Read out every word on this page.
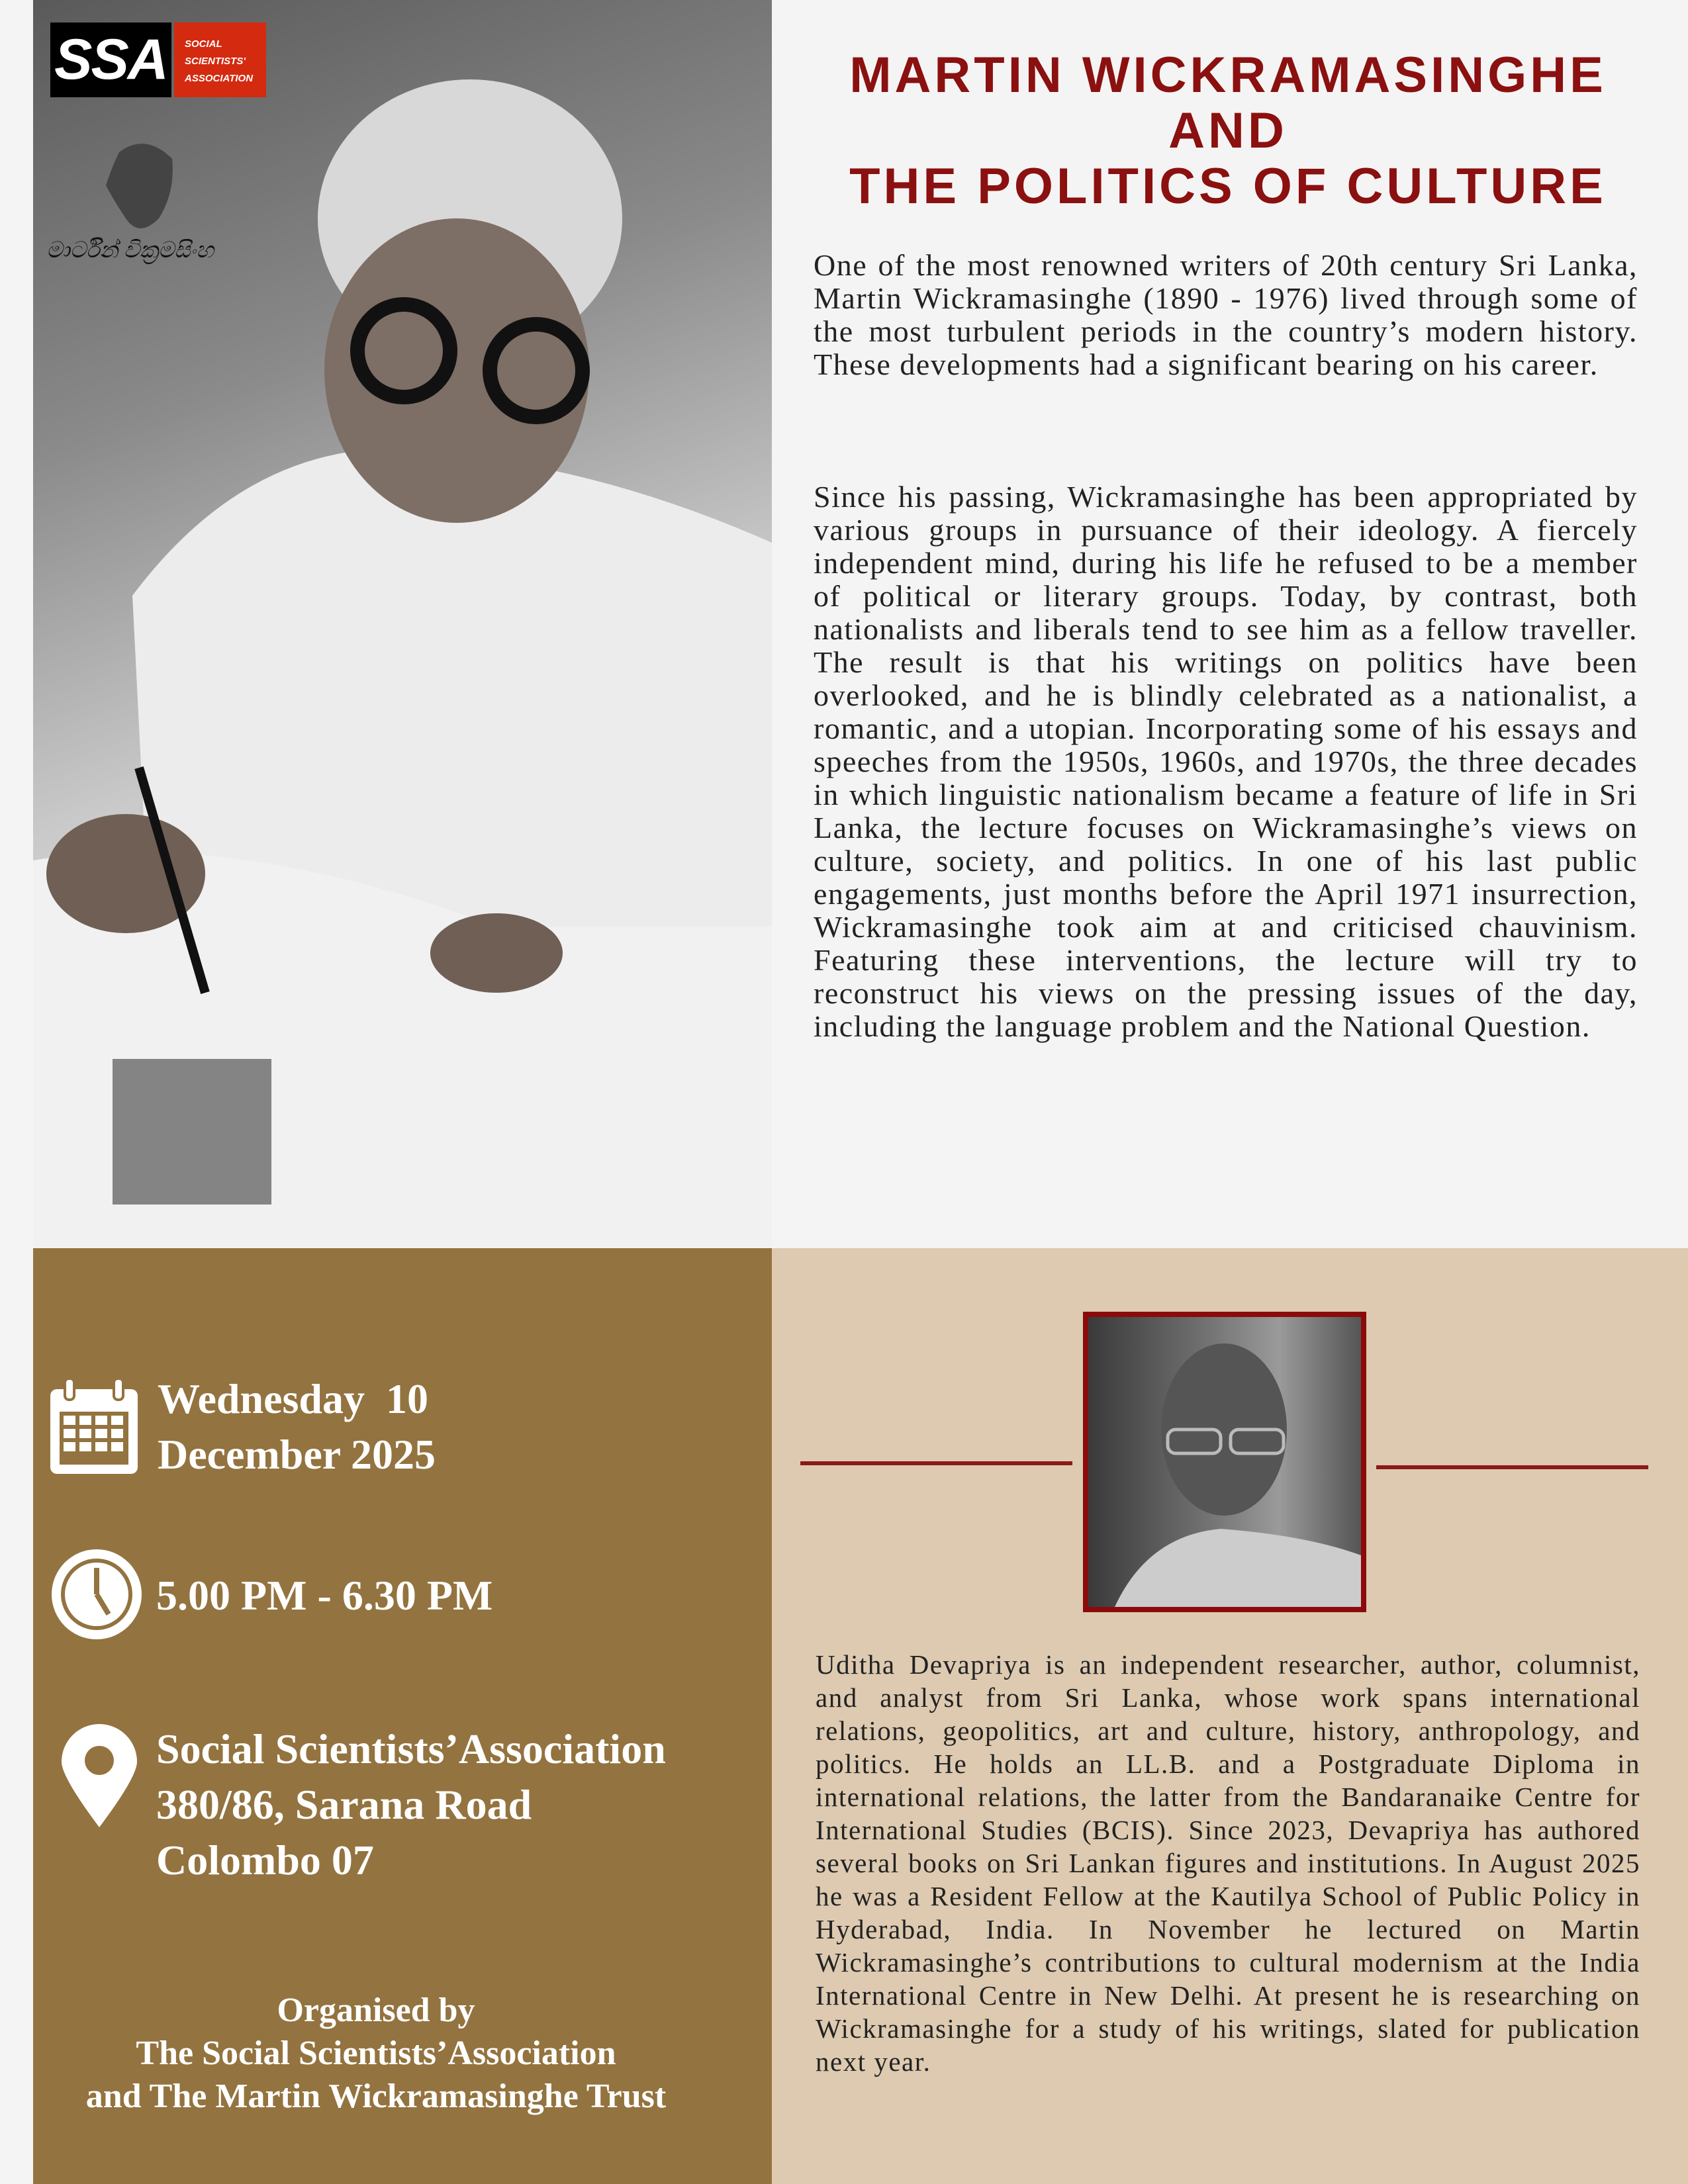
SSA	SOCIAL
SCIENTISTS'
ASSOCIATION
මාර්ටින් වික්‍රමසිංහ
MARTIN WICKRAMASINGHE
AND
THE POLITICS OF CULTURE

One of the most renowned writers of 20th century Sri Lanka, Martin Wickramasinghe (1890 - 1976) lived through some of the most turbulent periods in the country’s modern history. These developments had a significant bearing on his career.

Since his passing, Wickramasinghe has been appropriated by various groups in pursuance of their ideology. A fiercely independent mind, during his life he refused to be a member of political or literary groups. Today, by contrast, both nationalists and liberals tend to see him as a fellow traveller. The result is that his writings on politics have been overlooked, and he is blindly celebrated as a nationalist, a romantic, and a utopian. Incorporating some of his essays and speeches from the 1950s, 1960s, and 1970s, the three decades in which linguistic nationalism became a feature of life in Sri Lanka, the lecture focuses on Wickramasinghe’s views on culture, society, and politics. In one of his last public engagements, just months before the April 1971 insurrection, Wickramasinghe took aim at and criticised chauvinism. Featuring these interventions, the lecture will try to reconstruct his views on the pressing issues of the day, including the language problem and the National Question.

Wednesday  10
December 2025
5.00 PM - 6.30 PM
Social Scientists’Association
380/86, Sarana Road
Colombo 07
Organised by
The Social Scientists’Association
and The Martin Wickramasinghe Trust

Uditha Devapriya is an independent researcher, author, columnist, and analyst from Sri Lanka, whose work spans international relations, geopolitics, art and culture, history, anthropology, and politics. He holds an LL.B. and a Postgraduate Diploma in international relations, the latter from the Bandaranaike Centre for International Studies (BCIS). Since 2023, Devapriya has authored several books on Sri Lankan figures and institutions. In August 2025 he was a Resident Fellow at the Kautilya School of Public Policy in Hyderabad, India. In November he lectured on Martin Wickramasinghe’s contributions to cultural modernism at the India International Centre in New Delhi. At present he is researching on Wickramasinghe for a study of his writings, slated for publication next year.
